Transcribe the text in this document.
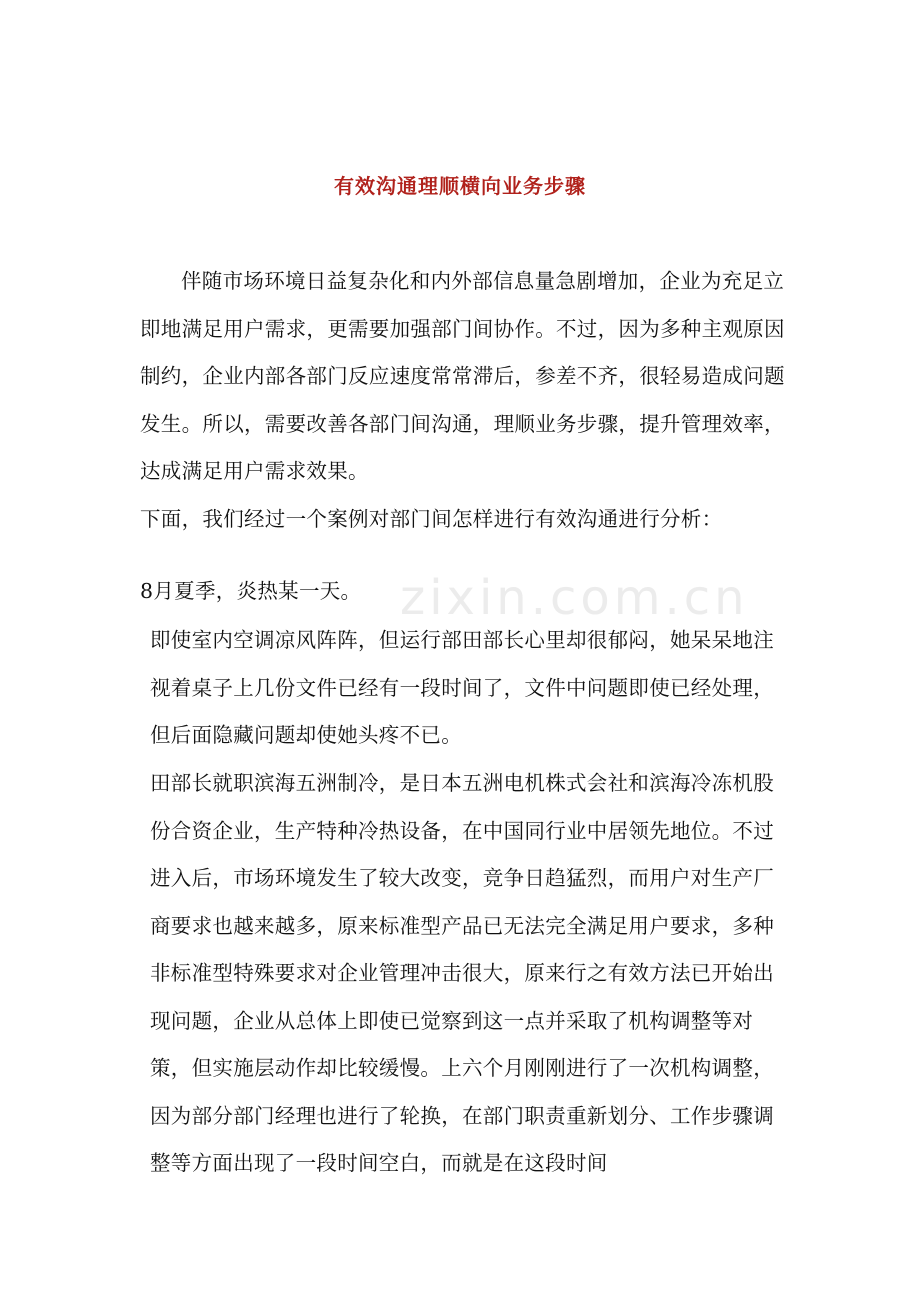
zixin.com.cn
有效沟通理顺横向业务步骤
伴随市场环境日益复杂化和内外部信息量急剧增加，企业为充足立即地满足用户需求，更需要加强部门间协作。不过，因为多种主观原因制约，企业内部各部门反应速度常常滞后，参差不齐，很轻易造成问题发生。所以，需要改善各部门间沟通，理顺业务步骤，提升管理效率，达成满足用户需求效果。
下面，我们经过一个案例对部门间怎样进行有效沟通进行分析：
8月夏季，炎热某一天。
即使室内空调凉风阵阵，但运行部田部长心里却很郁闷，她呆呆地注视着桌子上几份文件已经有一段时间了，文件中问题即使已经处理，但后面隐藏问题却使她头疼不已。
田部长就职滨海五洲制冷，是日本五洲电机株式会社和滨海冷冻机股份合资企业，生产特种冷热设备，在中国同行业中居领先地位。不过进入后，市场环境发生了较大改变，竞争日趋猛烈，而用户对生产厂商要求也越来越多，原来标准型产品已无法完全满足用户要求，多种非标准型特殊要求对企业管理冲击很大，原来行之有效方法已开始出现问题，企业从总体上即使已觉察到这一点并采取了机构调整等对策，但实施层动作却比较缓慢。上六个月刚刚进行了一次机构调整，因为部分部门经理也进行了轮换，在部门职责重新划分、工作步骤调整等方面出现了一段时间空白，而就是在这段时间
